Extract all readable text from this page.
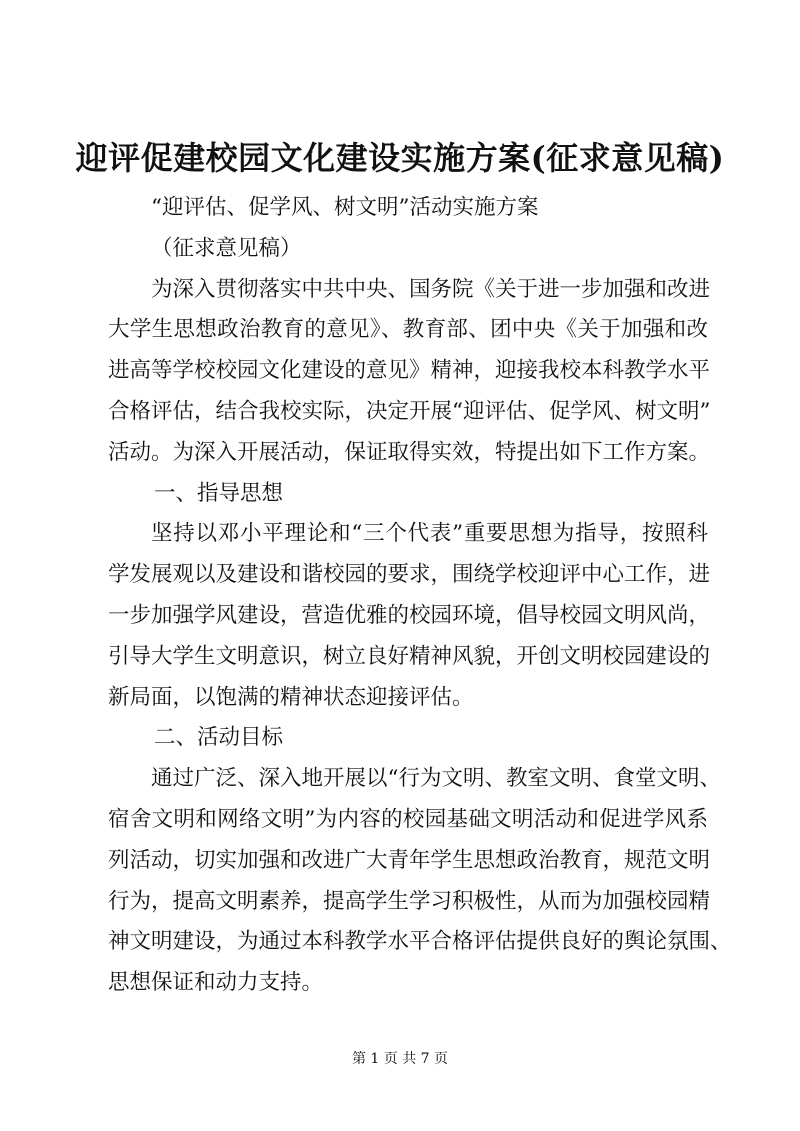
迎评促建校园文化建设实施方案(征求意见稿)
“迎评估、促学风、树文明”活动实施方案
（征求意见稿）
为深入贯彻落实中共中央、国务院《关于进一步加强和改进
大学生思想政治教育的意见》、教育部、团中央《关于加强和改
进高等学校校园文化建设的意见》精神，迎接我校本科教学水平
合格评估，结合我校实际，决定开展“迎评估、促学风、树文明”
活动。为深入开展活动，保证取得实效，特提出如下工作方案。
一、指导思想
坚持以邓小平理论和“三个代表”重要思想为指导，按照科
学发展观以及建设和谐校园的要求，围绕学校迎评中心工作，进
一步加强学风建设，营造优雅的校园环境，倡导校园文明风尚，
引导大学生文明意识，树立良好精神风貌，开创文明校园建设的
新局面，以饱满的精神状态迎接评估。
二、活动目标
通过广泛、深入地开展以“行为文明、教室文明、食堂文明、
宿舍文明和网络文明”为内容的校园基础文明活动和促进学风系
列活动，切实加强和改进广大青年学生思想政治教育，规范文明
行为，提高文明素养，提高学生学习积极性，从而为加强校园精
神文明建设，为通过本科教学水平合格评估提供良好的舆论氛围、
思想保证和动力支持。
第 1 页 共 7 页
